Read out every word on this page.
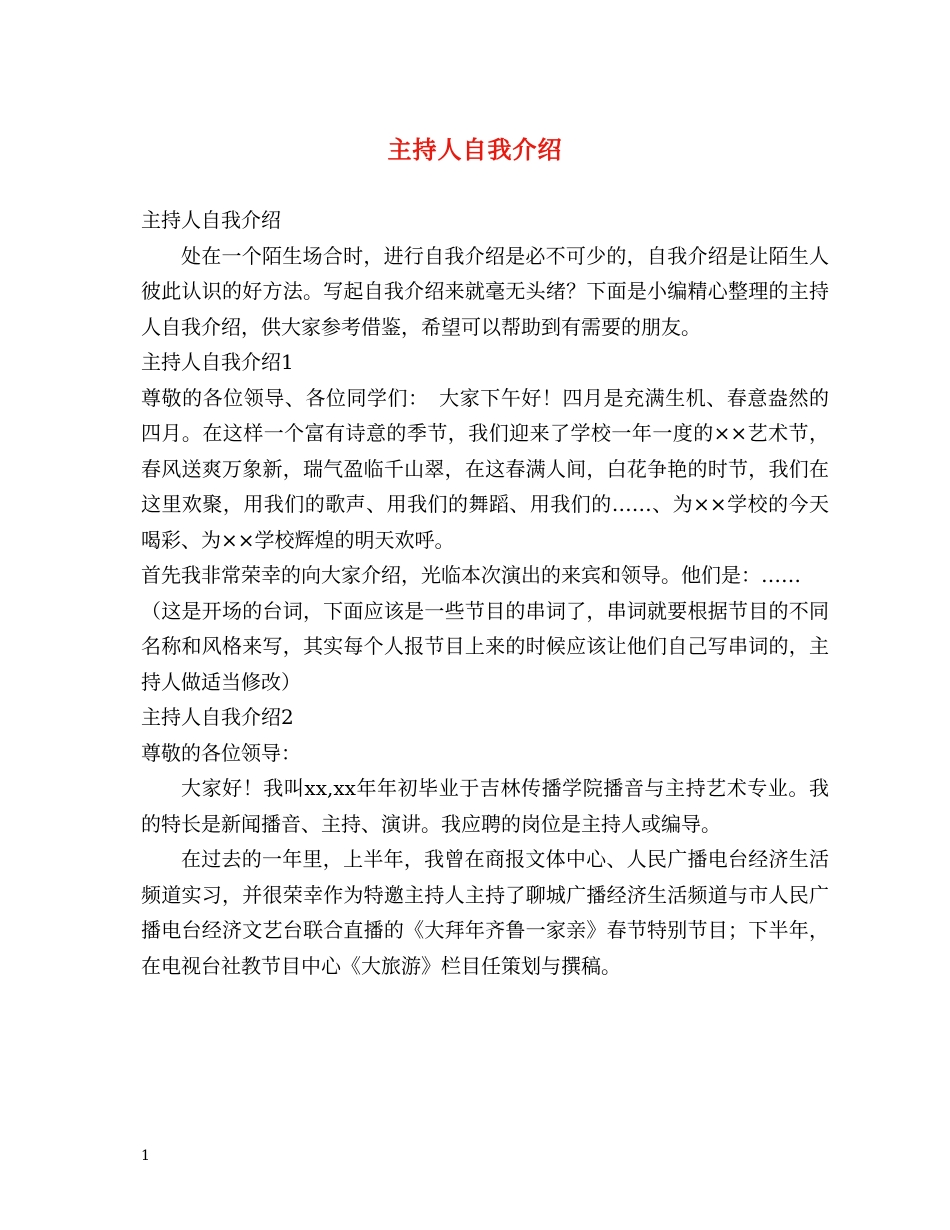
主持人自我介绍

主持人自我介绍

处在一个陌生场合时，进行自我介绍是必不可少的，自我介绍是让陌生人彼此认识的好方法。写起自我介绍来就毫无头绪？下面是小编精心整理的主持人自我介绍，供大家参考借鉴，希望可以帮助到有需要的朋友。

主持人自我介绍1

尊敬的各位领导、各位同学们：　大家下午好！四月是充满生机、春意盎然的四月。在这样一个富有诗意的季节，我们迎来了学校一年一度的××艺术节，春风送爽万象新，瑞气盈临千山翠，在这春满人间，白花争艳的时节，我们在这里欢聚，用我们的歌声、用我们的舞蹈、用我们的……、为××学校的今天喝彩、为××学校辉煌的明天欢呼。

首先我非常荣幸的向大家介绍，光临本次演出的来宾和领导。他们是：……

（这是开场的台词，下面应该是一些节目的串词了，串词就要根据节目的不同名称和风格来写，其实每个人报节目上来的时候应该让他们自己写串词的，主持人做适当修改）

主持人自我介绍2

尊敬的各位领导：

大家好！我叫xx,xx年年初毕业于吉林传播学院播音与主持艺术专业。我的特长是新闻播音、主持、演讲。我应聘的岗位是主持人或编导。

在过去的一年里，上半年，我曾在商报文体中心、人民广播电台经济生活频道实习，并很荣幸作为特邀主持人主持了聊城广播经济生活频道与市人民广播电台经济文艺台联合直播的《大拜年齐鲁一家亲》春节特别节目；下半年，在电视台社教节目中心《大旅游》栏目任策划与撰稿。

1
